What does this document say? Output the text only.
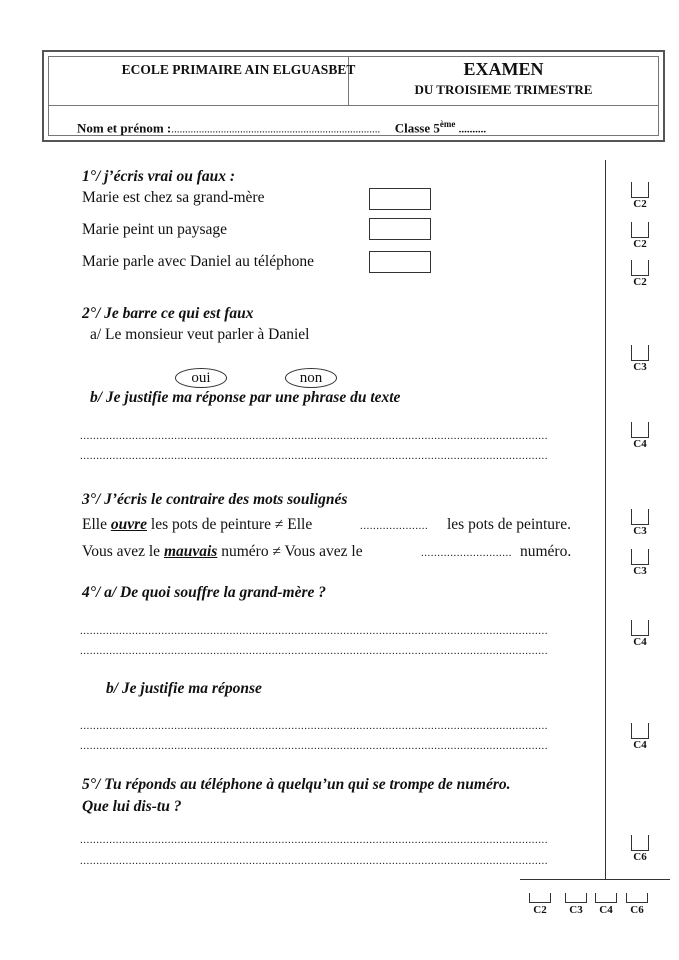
ECOLE PRIMAIRE AIN ELGUASBET	EXAMEN
DU TROISIEME TRIMESTRE
Nom et prénom :............................................................................ Classe 5ème ..........
1°/ j’écris vrai ou faux :
Marie est chez sa grand-mère
Marie peint un paysage
Marie parle avec Daniel au téléphone
2°/ Je barre ce qui est faux
a/ Le monsieur veut parler à Daniel
oui	non
b/ Je justifie ma réponse par une phrase du texte
................................................................................................................................................
................................................................................................................................................
3°/ J’écris le contraire des mots soulignés
Elle ouvre les pots de peinture ≠ Elle	.....................	les pots de peinture.
Vous avez le mauvais numéro ≠ Vous avez le	............................ numéro.
4°/ a/ De quoi souffre la grand-mère ?
................................................................................................................................................
................................................................................................................................................
b/ Je justifie ma réponse
................................................................................................................................................
................................................................................................................................................
5°/ Tu réponds au téléphone à quelqu’un qui se trompe de numéro.
Que lui dis-tu ?
................................................................................................................................................
................................................................................................................................................
C2
C2
C2
C3
C4
C3
C3
C4
C4
C6
C2	C3	C4	C6
